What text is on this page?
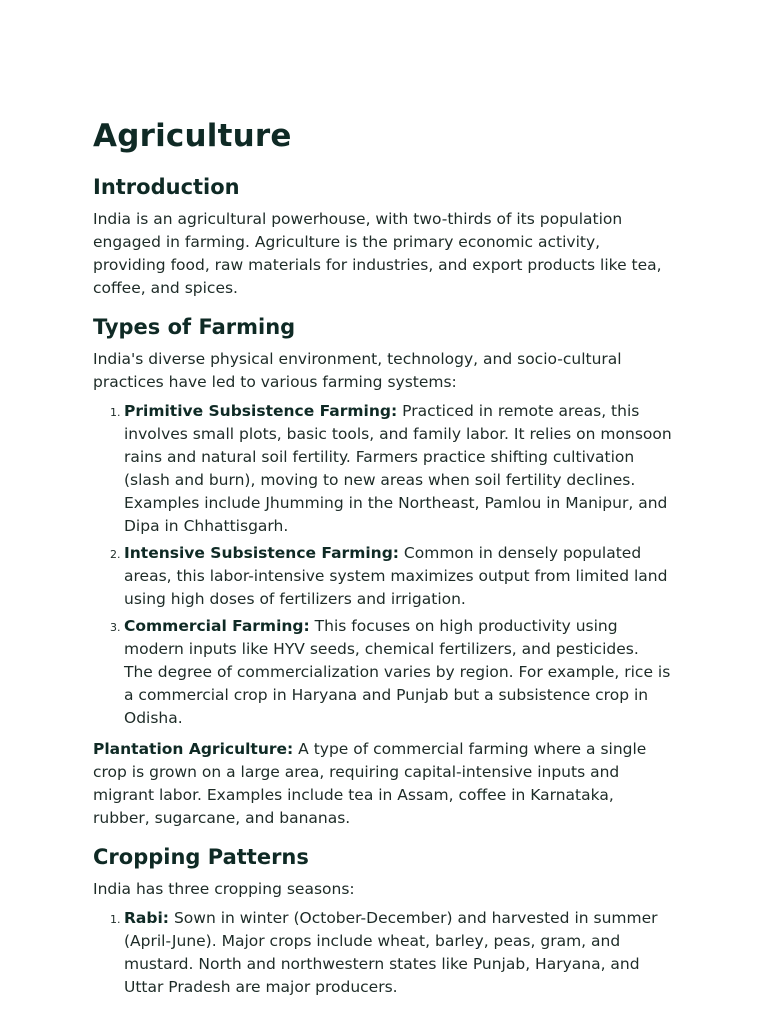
Agriculture
Introduction

India is an agricultural powerhouse, with two-thirds of its population engaged in farming. Agriculture is the primary economic activity, providing food, raw materials for industries, and export products like tea, coffee, and spices.

Types of Farming

India's diverse physical environment, technology, and socio-cultural practices have led to various farming systems:

1. Primitive Subsistence Farming: Practiced in remote areas, this involves small plots, basic tools, and family labor. It relies on monsoon rains and natural soil fertility. Farmers practice shifting cultivation (slash and burn), moving to new areas when soil fertility declines. Examples include Jhumming in the Northeast, Pamlou in Manipur, and Dipa in Chhattisgarh.
2. Intensive Subsistence Farming: Common in densely populated areas, this labor-intensive system maximizes output from limited land using high doses of fertilizers and irrigation.
3. Commercial Farming: This focuses on high productivity using modern inputs like HYV seeds, chemical fertilizers, and pesticides. The degree of commercialization varies by region. For example, rice is a commercial crop in Haryana and Punjab but a subsistence crop in Odisha.

Plantation Agriculture: A type of commercial farming where a single crop is grown on a large area, requiring capital-intensive inputs and migrant labor. Examples include tea in Assam, coffee in Karnataka, rubber, sugarcane, and bananas.

Cropping Patterns

India has three cropping seasons:

1. Rabi: Sown in winter (October-December) and harvested in summer (April-June). Major crops include wheat, barley, peas, gram, and mustard. North and northwestern states like Punjab, Haryana, and Uttar Pradesh are major producers.
